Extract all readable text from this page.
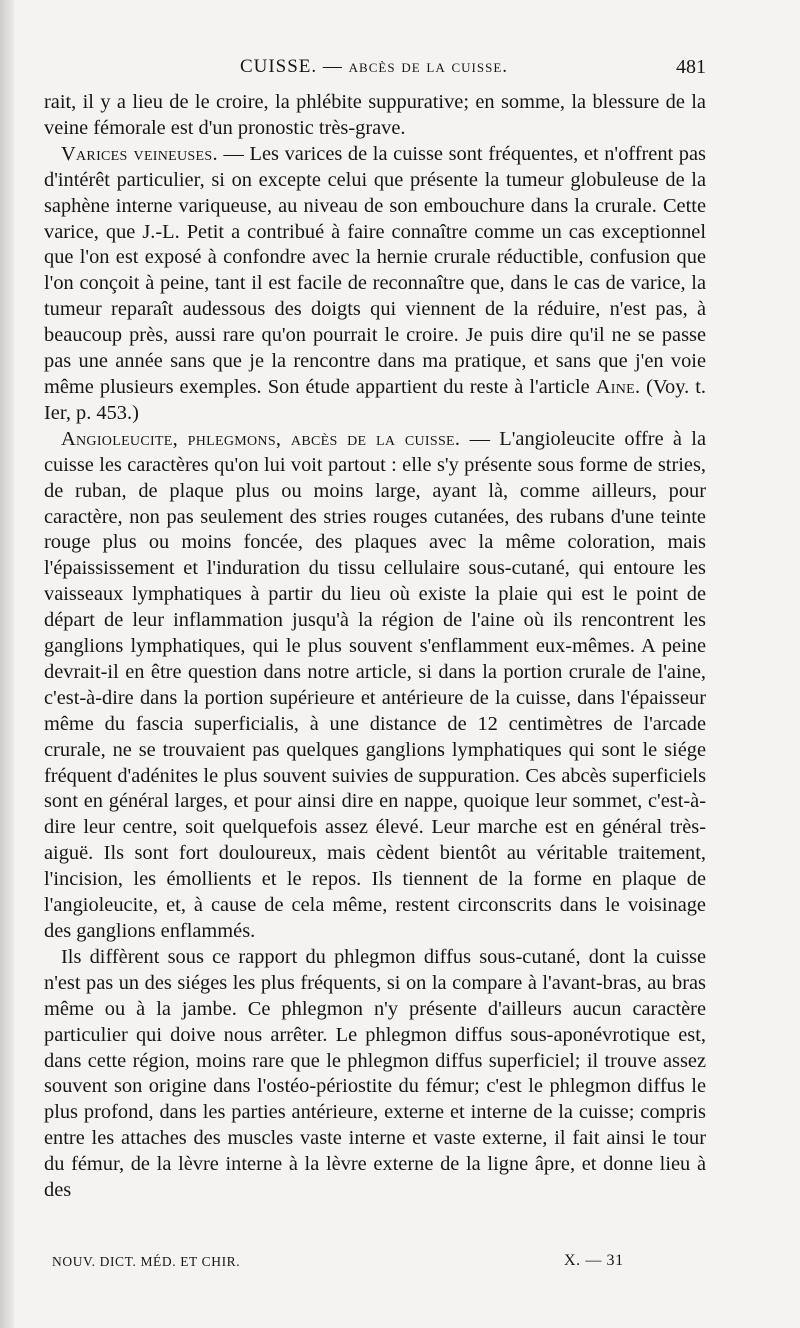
CUISSE. — abcès de la cuisse.	481

rait, il y a lieu de le croire, la phlébite suppurative; en somme, la blessure de la veine fémorale est d'un pronostic très-grave.

Varices veineuses. — Les varices de la cuisse sont fréquentes, et n'offrent pas d'intérêt particulier, si on excepte celui que présente la tumeur globuleuse de la saphène interne variqueuse, au niveau de son embouchure dans la crurale. Cette varice, que J.-L. Petit a contribué à faire connaître comme un cas exceptionnel que l'on est exposé à confondre avec la hernie crurale réductible, confusion que l'on conçoit à peine, tant il est facile de reconnaître que, dans le cas de varice, la tumeur reparaît audessous des doigts qui viennent de la réduire, n'est pas, à beaucoup près, aussi rare qu'on pourrait le croire. Je puis dire qu'il ne se passe pas une année sans que je la rencontre dans ma pratique, et sans que j'en voie même plusieurs exemples. Son étude appartient du reste à l'article Aine. (Voy. t. Ier, p. 453.)

Angioleucite, phlegmons, abcès de la cuisse. — L'angioleucite offre à la cuisse les caractères qu'on lui voit partout : elle s'y présente sous forme de stries, de ruban, de plaque plus ou moins large, ayant là, comme ailleurs, pour caractère, non pas seulement des stries rouges cutanées, des rubans d'une teinte rouge plus ou moins foncée, des plaques avec la même coloration, mais l'épaississement et l'induration du tissu cellulaire sous-cutané, qui entoure les vaisseaux lymphatiques à partir du lieu où existe la plaie qui est le point de départ de leur inflammation jusqu'à la région de l'aine où ils rencontrent les ganglions lymphatiques, qui le plus souvent s'enflamment eux-mêmes. A peine devrait-il en être question dans notre article, si dans la portion crurale de l'aine, c'est-à-dire dans la portion supérieure et antérieure de la cuisse, dans l'épaisseur même du fascia superficialis, à une distance de 12 centimètres de l'arcade crurale, ne se trouvaient pas quelques ganglions lymphatiques qui sont le siége fréquent d'adénites le plus souvent suivies de suppuration. Ces abcès superficiels sont en général larges, et pour ainsi dire en nappe, quoique leur sommet, c'est-à-dire leur centre, soit quelquefois assez élevé. Leur marche est en général très-aiguë. Ils sont fort douloureux, mais cèdent bientôt au véritable traitement, l'incision, les émollients et le repos. Ils tiennent de la forme en plaque de l'angioleucite, et, à cause de cela même, restent circonscrits dans le voisinage des ganglions enflammés.

Ils diffèrent sous ce rapport du phlegmon diffus sous-cutané, dont la cuisse n'est pas un des siéges les plus fréquents, si on la compare à l'avant-bras, au bras même ou à la jambe. Ce phlegmon n'y présente d'ailleurs aucun caractère particulier qui doive nous arrêter. Le phlegmon diffus sous-aponévrotique est, dans cette région, moins rare que le phlegmon diffus superficiel; il trouve assez souvent son origine dans l'ostéo-périostite du fémur; c'est le phlegmon diffus le plus profond, dans les parties antérieure, externe et interne de la cuisse; compris entre les attaches des muscles vaste interne et vaste externe, il fait ainsi le tour du fémur, de la lèvre interne à la lèvre externe de la ligne âpre, et donne lieu à des

NOUV. DICT. MÉD. ET CHIR.	X. — 31
